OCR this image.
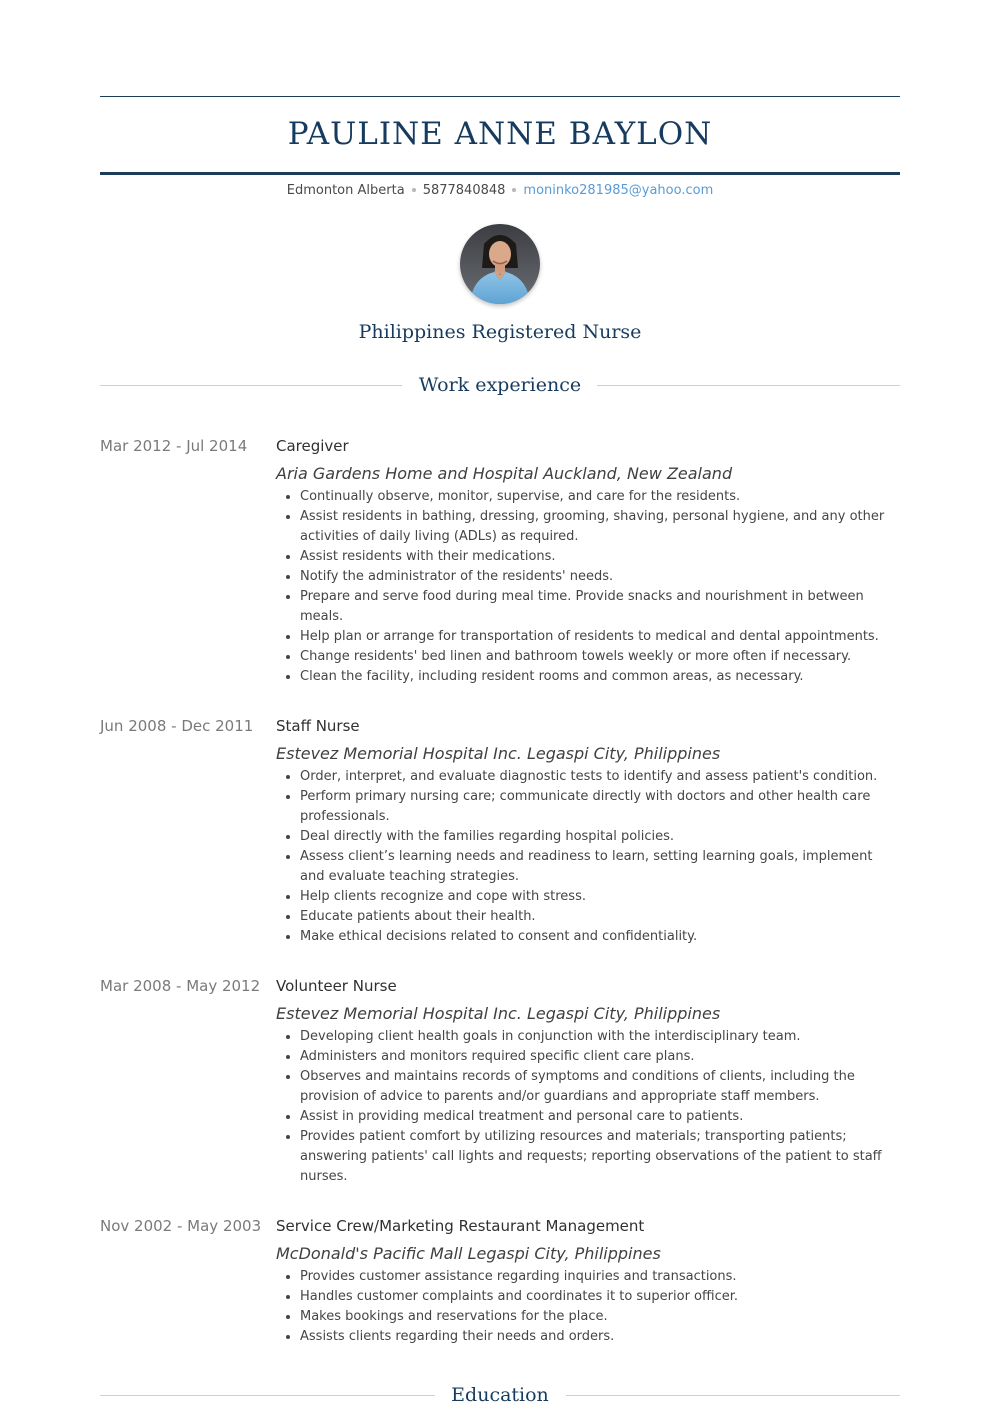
PAULINE ANNE BAYLON
Edmonton Alberta 5877840848 moninko281985@yahoo.com
Philippines Registered Nurse
Work experience
Mar 2012 - Jul 2014	Caregiver
Aria Gardens Home and Hospital Auckland, New Zealand
• Continually observe, monitor, supervise, and care for the residents.
• Assist residents in bathing, dressing, grooming, shaving, personal hygiene, and any other activities of daily living (ADLs) as required.
• Assist residents with their medications.
• Notify the administrator of the residents' needs.
• Prepare and serve food during meal time. Provide snacks and nourishment in between meals.
• Help plan or arrange for transportation of residents to medical and dental appointments.
• Change residents' bed linen and bathroom towels weekly or more often if necessary.
• Clean the facility, including resident rooms and common areas, as necessary.
Jun 2008 - Dec 2011	Staff Nurse
Estevez Memorial Hospital Inc. Legaspi City, Philippines
• Order, interpret, and evaluate diagnostic tests to identify and assess patient's condition.
• Perform primary nursing care; communicate directly with doctors and other health care professionals.
• Deal directly with the families regarding hospital policies.
• Assess client’s learning needs and readiness to learn, setting learning goals, implement and evaluate teaching strategies.
• Help clients recognize and cope with stress.
• Educate patients about their health.
• Make ethical decisions related to consent and confidentiality.
Mar 2008 - May 2012	Volunteer Nurse
Estevez Memorial Hospital Inc. Legaspi City, Philippines
• Developing client health goals in conjunction with the interdisciplinary team.
• Administers and monitors required specific client care plans.
• Observes and maintains records of symptoms and conditions of clients, including the provision of advice to parents and/or guardians and appropriate staff members.
• Assist in providing medical treatment and personal care to patients.
• Provides patient comfort by utilizing resources and materials; transporting patients; answering patients' call lights and requests; reporting observations of the patient to staff nurses.
Nov 2002 - May 2003 Service Crew/Marketing Restaurant Management
McDonald's Pacific Mall Legaspi City, Philippines
• Provides customer assistance regarding inquiries and transactions.
• Handles customer complaints and coordinates it to superior officer.
• Makes bookings and reservations for the place.
• Assists clients regarding their needs and orders.
Education
